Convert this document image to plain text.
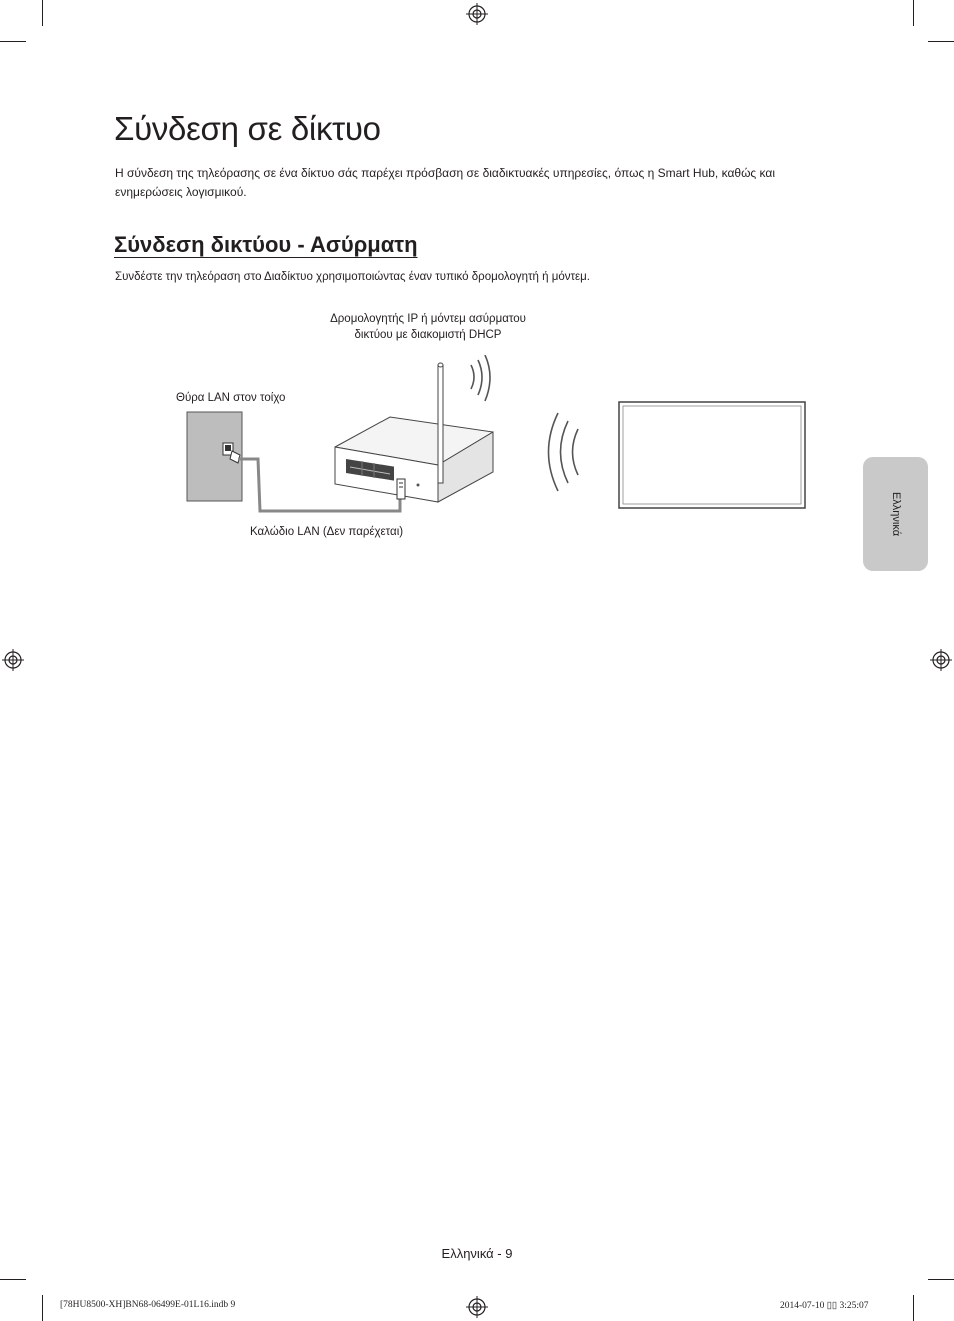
Σύνδεση σε δίκτυο

Η σύνδεση της τηλεόρασης σε ένα δίκτυο σάς παρέχει πρόσβαση σε διαδικτυακές υπηρεσίες, όπως η Smart Hub, καθώς και ενημερώσεις λογισμικού.

Σύνδεση δικτύου - Ασύρματη

Συνδέστε την τηλεόραση στο Διαδίκτυο χρησιμοποιώντας έναν τυπικό δρομολογητή ή μόντεμ.

Δρομολογητής IP ή μόντεμ ασύρματου
δικτύου με διακομιστή DHCP
Θύρα LAN στον τοίχο
Καλώδιο LAN (Δεν παρέχεται)	Ελληνικά
Ελληνικά - 9
[78HU8500-XH]BN68-06499E-01L16.indb 9	2014-07-10 ▯▯ 3:25:07
